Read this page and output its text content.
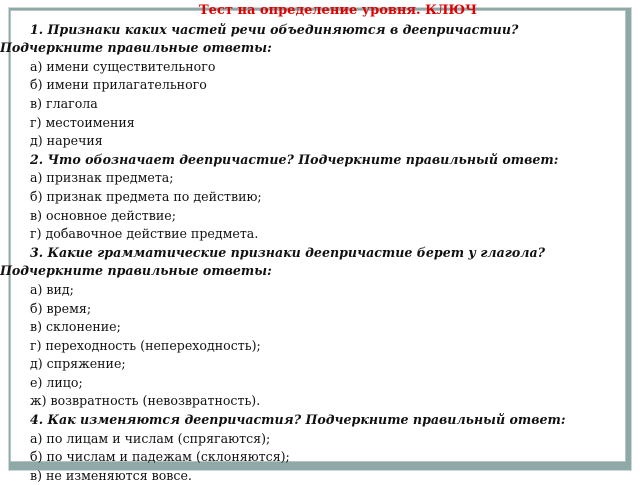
Тест на определение уровня. КЛЮЧ
1. Признаки каких частей речи объединяются в деепричастии? Подчеркните правильные ответы:
а) имени существительного
б) имени прилагательного
в) глагола
г) местоимения
д) наречия
2. Что обозначает деепричастие? Подчеркните правильный ответ:
а) признак предмета;
б) признак предмета по действию;
в) основное действие;
г) добавочное действие предмета.
3. Какие грамматические признаки деепричастие берет у глагола? Подчеркните правильные ответы:
а) вид;
б) время;
в) склонение;
г) переходность (непереходность);
д) спряжение;
е) лицо;
ж) возвратность (невозвратность).
4. Как изменяются деепричастия? Подчеркните правильный ответ:
а) по лицам и числам (спрягаются);
б) по числам и падежам (склоняются);
в) не изменяются вовсе.
